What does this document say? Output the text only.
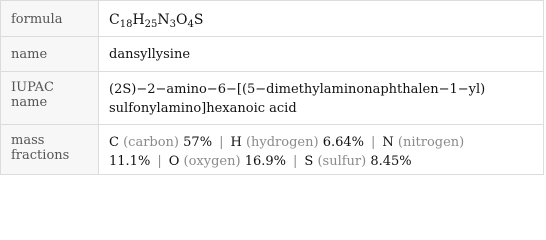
formula	$C_{18}H_{25}N_3O_4S$
name	dansyllysine
IUPAC name	(2S)−2−amino−6−[(5−dimethylaminonaphthalen−1−yl)
sulfonylamino]hexanoic acid

mass fractions	C (carbon) 57% | H (hydrogen) 6.64% | N (nitrogen)
11.1% | O (oxygen) 16.9% | S (sulfur) 8.45%
